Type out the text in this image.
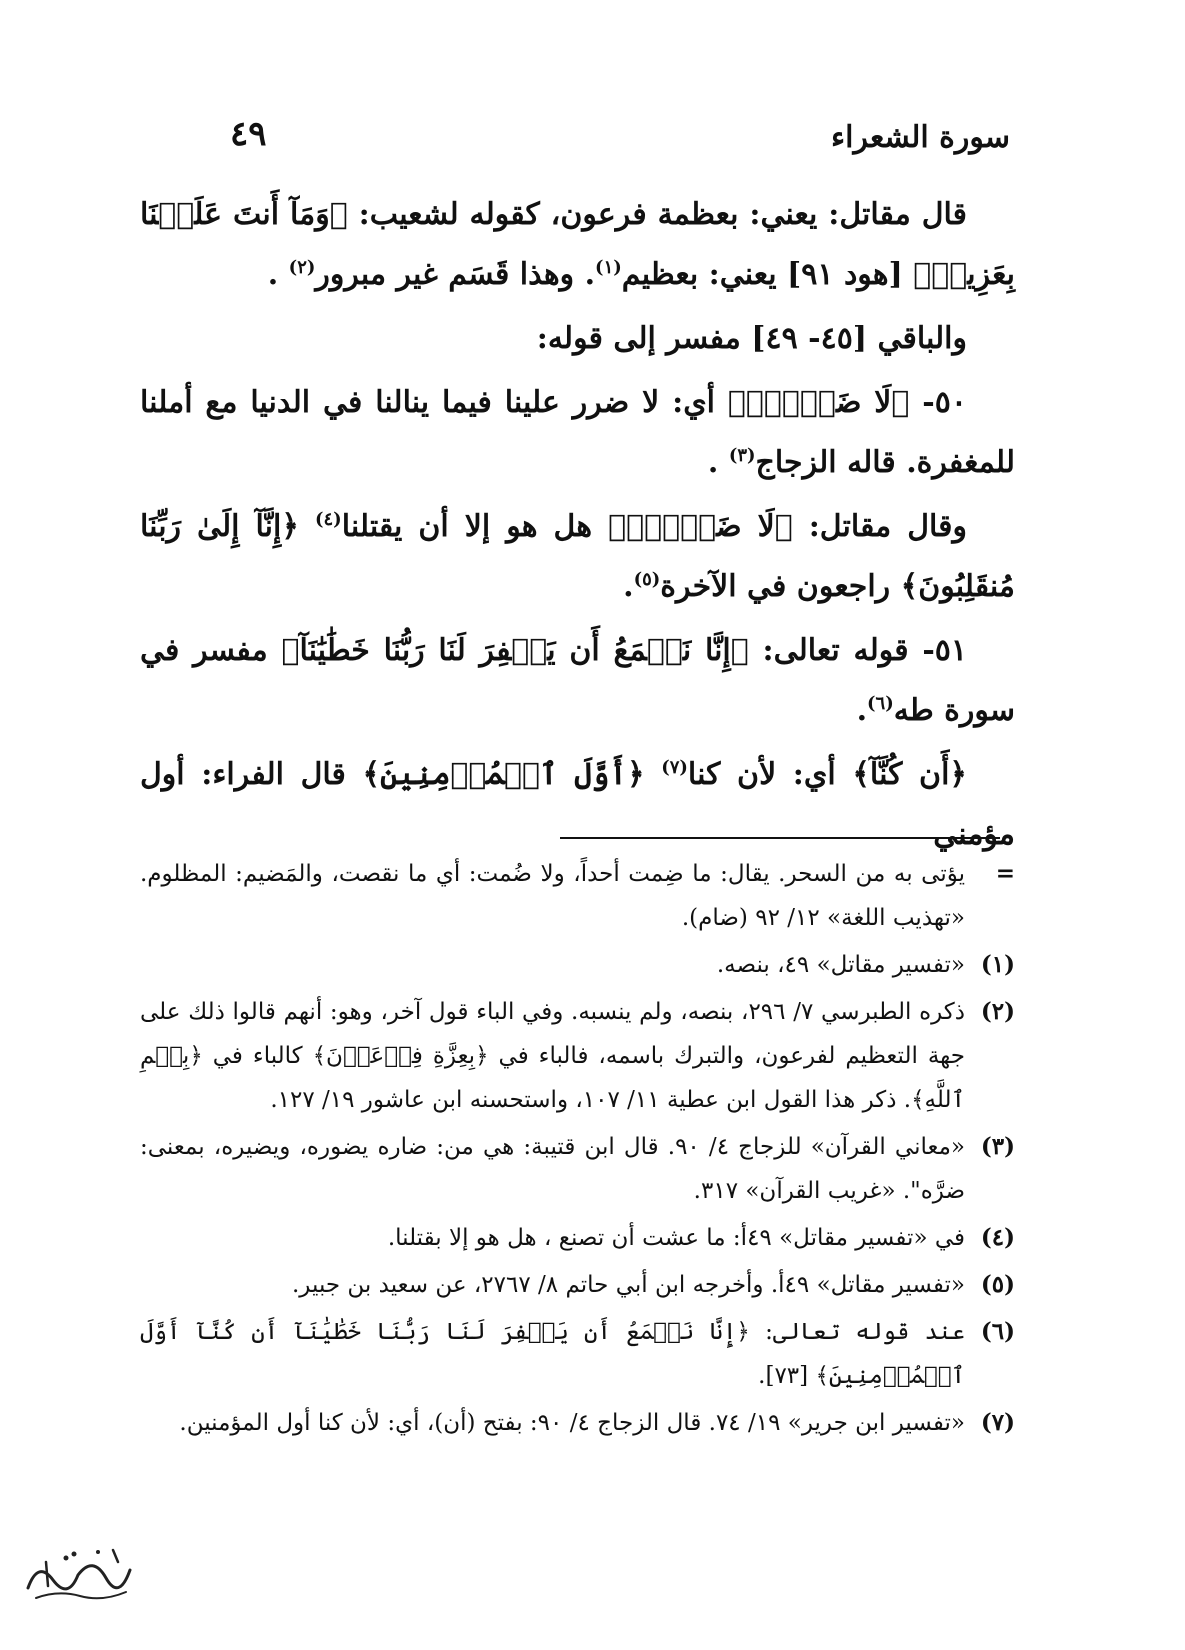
سورة الشعراء
٤٩

قال مقاتل: يعني: بعظمة فرعون، كقوله لشعيب: ﴿وَمَآ أَنتَ عَلَيۡنَا بِعَزِيزٖ﴾ [هود ٩١] يعني: بعظيم$^{(١)}$. وهذا قَسَم غير مبرور$^{(٢)}$ .

والباقي [٤٥- ٤٩] مفسر إلى قوله:

٥٠- ﴿لَا ضَيۡرَۖ﴾ أي: لا ضرر علينا فيما ينالنا في الدنيا مع أملنا للمغفرة. قاله الزجاج$^{(٣)}$ .

وقال مقاتل: ﴿لَا ضَيۡرَۖ﴾ هل هو إلا أن يقتلنا$^{(٤)}$ ﴿إِنَّآ إِلَىٰ رَبِّنَا مُنقَلِبُونَ﴾ راجعون في الآخرة$^{(٥)}$.

٥١- قوله تعالى: ﴿إِنَّا نَطۡمَعُ أَن يَغۡفِرَ لَنَا رَبُّنَا خَطَٰيَٰنَآ﴾ مفسر في سورة طه$^{(٦)}$.

﴿أَن كُنَّآ﴾ أي: لأن كنا$^{(٧)}$ ﴿أَوَّلَ ٱلۡمُؤۡمِنِينَ﴾ قال الفراء: أول مؤمني

=
يؤتى به من السحر. يقال: ما ضِمت أحداً، ولا ضُمت: أي ما نقصت، والمَضيم: المظلوم. «تهذيب اللغة» ١٢/ ٩٢ (ضام).
(١)
«تفسير مقاتل» ٤٩، بنصه.
(٢)
ذكره الطبرسي ٧/ ٢٩٦، بنصه، ولم ينسبه. وفي الباء قول آخر، وهو: أنهم قالوا ذلك على جهة التعظيم لفرعون، والتبرك باسمه، فالباء في ﴿بِعِزَّةِ فِرۡعَوۡنَ﴾ كالباء في ﴿بِسۡمِ ٱللَّهِ﴾. ذكر هذا القول ابن عطية ١١/ ١٠٧، واستحسنه ابن عاشور ١٩/ ١٢٧.
(٣)
«معاني القرآن» للزجاج ٤/ ٩٠. قال ابن قتيبة: هي من: ضاره يضوره، ويضيره، بمعنى: ضرَّه". «غريب القرآن» ٣١٧.
(٤)
في «تفسير مقاتل» ٤٩أ: ما عشت أن تصنع ، هل هو إلا بقتلنا.
(٥)
«تفسير مقاتل» ٤٩أ. وأخرجه ابن أبي حاتم ٨/ ٢٧٦٧، عن سعيد بن جبير.
(٦)
عند قوله تعالى: ﴿إِنَّا نَطۡمَعُ أَن يَغۡفِرَ لَنَا رَبُّنَا خَطَٰيَٰنَآ أَن كُنَّآ أَوَّلَ ٱلۡمُؤۡمِنِينَ﴾ [٧٣].
(٧)
«تفسير ابن جرير» ١٩/ ٧٤. قال الزجاج ٤/ ٩٠: بفتح (أن)، أي: لأن كنا أول المؤمنين.
